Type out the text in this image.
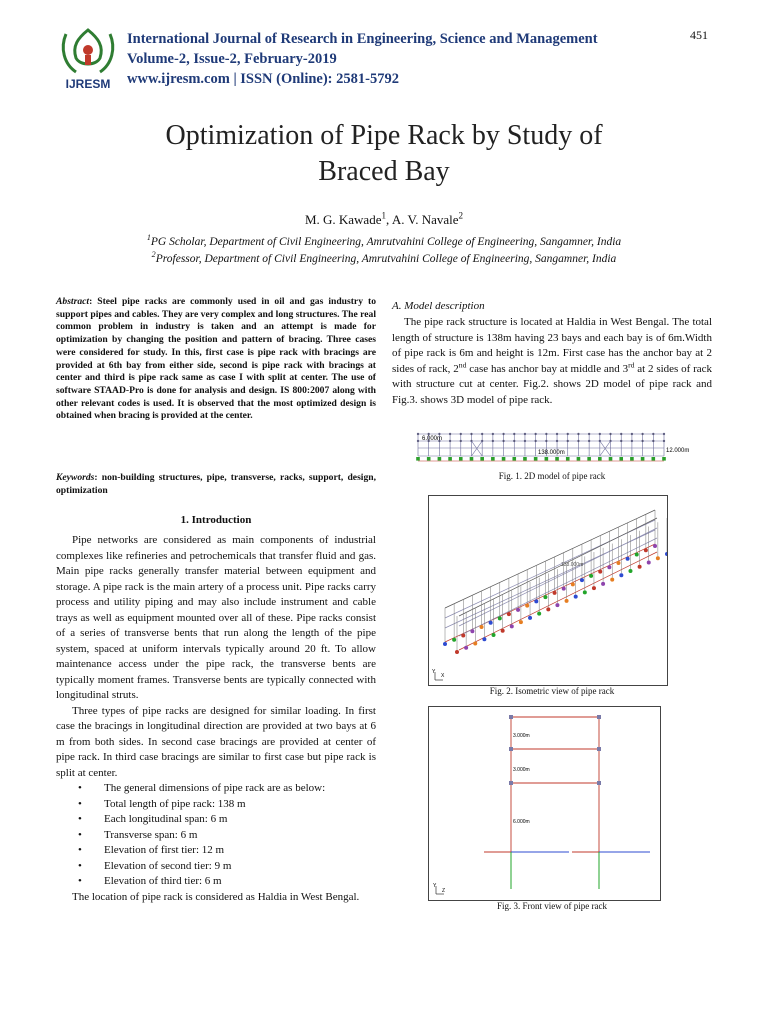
IJRESM
International Journal of Research in Engineering, Science and Management
Volume-2, Issue-2, February-2019
www.ijresm.com | ISSN (Online): 2581-5792
451
Optimization of Pipe Rack by Study of
Braced Bay
M. G. Kawade$^1$, A. V. Navale$^2$
$^1$PG Scholar, Department of Civil Engineering, Amrutvahini College of Engineering, Sangamner, India
$^2$Professor, Department of Civil Engineering, Amrutvahini College of Engineering, Sangamner, India
Abstract: Steel pipe racks are commonly used in oil and gas industry to support pipes and cables. They are very complex and long structures. The real common problem in industry is taken and an attempt is made for optimization by changing the position and pattern of bracing. Three cases were considered for study. In this, first case is pipe rack with bracings are provided at 6th bay from either side, second is pipe rack with bracings at center and third is pipe rack same as case I with split at center. The use of software STAAD-Pro is done for analysis and design. IS 800:2007 along with other relevant codes is used. It is observed that the most optimized design is obtained when bracing is provided at the center.
Keywords: non-building structures, pipe, transverse, racks, support, design, optimization
1. Introduction

Pipe networks are considered as main components of industrial complexes like refineries and petrochemicals that transfer fluid and gas. Main pipe racks generally transfer material between equipment and storage. A pipe rack is the main artery of a process unit. Pipe racks carry process and utility piping and may also include instrument and cable trays as well as equipment mounted over all of these. Pipe racks consist of a series of transverse bents that run along the length of the pipe system, spaced at uniform intervals typically around 20 ft. To allow maintenance access under the pipe rack, the transverse bents are typically moment frames. Transverse bents are typically connected with longitudinal struts.

Three types of pipe racks are designed for similar loading. In first case the bracings in longitudinal direction are provided at two bays at 6 m from both sides. In second case bracings are provided at center of pipe rack. In third case bracings are similar to first case but pipe rack is split at center.

• The general dimensions of pipe rack are as below:
• Total length of pipe rack: 138 m
• Each longitudinal span: 6 m
• Transverse span: 6 m
• Elevation of first tier: 12 m
• Elevation of second tier: 9 m
• Elevation of third tier: 6 m

The location of pipe rack is considered as Haldia in West Bengal.

A. Model description
The pipe rack structure is located at Haldia in West Bengal. The total length of structure is 138m having 23 bays and each bay is of 6m.Width of pipe rack is 6m and height is 12m. First case has the anchor bay at 2 sides of rack, 2nd case has anchor bay at middle and 3rd at 2 sides of rack with structure cut at center. Fig.2. shows 2D model of pipe rack and Fig.3. shows 3D model of pipe rack.
6.000m
138.000m	12.000m
Fig. 1. 2D model of pipe rack
138.000m
Y
X
Fig. 2. Isometric view of pipe rack
3.000m
3.000m
6.000m
Y
Z
Fig. 3. Front view of pipe rack
